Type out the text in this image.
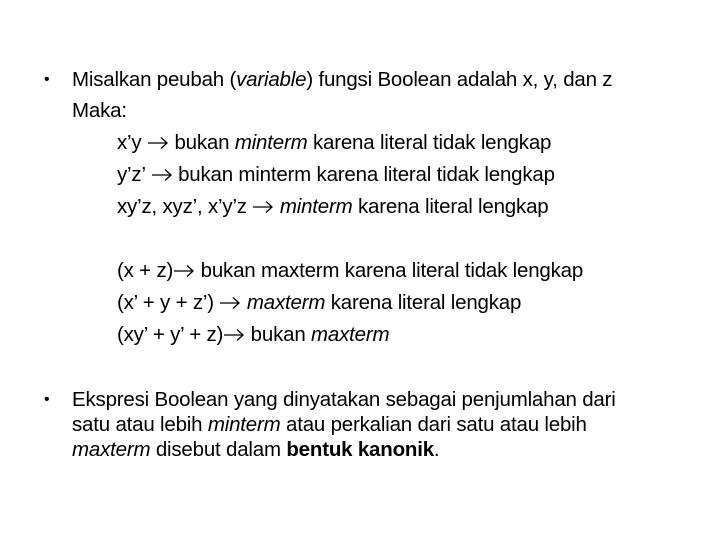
• Misalkan peubah (variable) fungsi Boolean adalah x, y, dan z
Maka:
x’y bukan minterm karena literal tidak lengkap
y’z’ bukan minterm karena literal tidak lengkap
xy’z, xyz’, x’y’z minterm karena literal lengkap
(x + z) bukan maxterm karena literal tidak lengkap
(x’ + y + z’) maxterm karena literal lengkap
(xy’ + y’ + z) bukan maxterm
• Ekspresi Boolean yang dinyatakan sebagai penjumlahan dari
satu atau lebih minterm atau perkalian dari satu atau lebih
maxterm disebut dalam bentuk kanonik.
